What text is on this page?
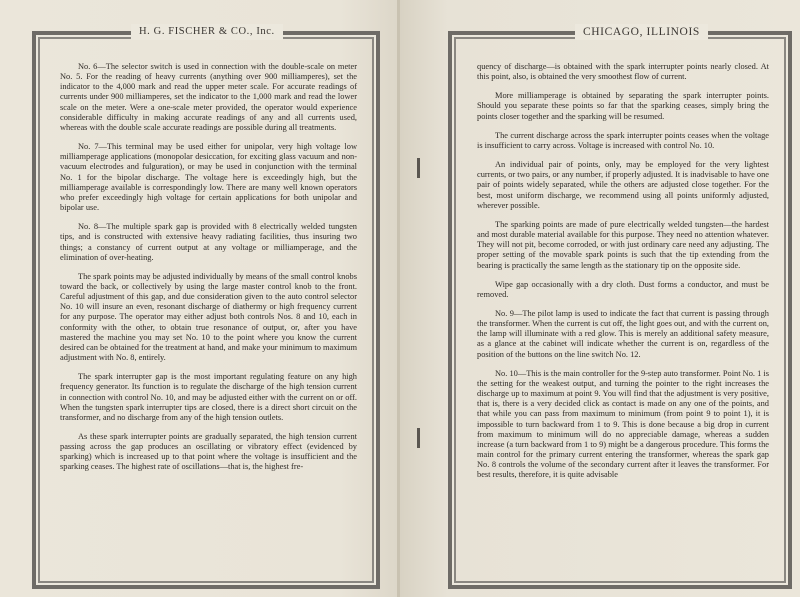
H. G. FISCHER & CO., Inc.

No. 6—The selector switch is used in connection with the double-scale on meter No. 5. For the reading of heavy currents (anything over 900 milliamperes), set the indicator to the 4,000 mark and read the upper meter scale. For accurate readings of currents under 900 milliamperes, set the indicator to the 1,000 mark and read the lower scale on the meter. Were a one-scale meter provided, the operator would experience considerable difficulty in making accurate readings of any and all currents used, whereas with the double scale accurate readings are possible during all treatments.

No. 7—This terminal may be used either for unipolar, very high voltage low milliamperage applications (monopolar desiccation, for exciting glass vacuum and non-vacuum electrodes and fulguration), or may be used in conjunction with the terminal No. 1 for the bipolar discharge. The voltage here is exceedingly high, but the milliamperage available is correspondingly low. There are many well known operators who prefer exceedingly high voltage for certain applications for both unipolar and bipolar use.

No. 8—The multiple spark gap is provided with 8 electrically welded tungsten tips, and is constructed with extensive heavy radiating facilities, thus insuring two things; a constancy of current output at any voltage or milliamperage, and the elimination of over-heating.

The spark points may be adjusted individually by means of the small control knobs toward the back, or collectively by using the large master control knob to the front. Careful adjustment of this gap, and due consideration given to the auto control selector No. 10 will insure an even, resonant discharge of diathermy or high frequency current for any purpose. The operator may either adjust both controls Nos. 8 and 10, each in conformity with the other, to obtain true resonance of output, or, after you have mastered the machine you may set No. 10 to the point where you know the current desired can be obtained for the treatment at hand, and make your minimum to maximum adjustment with No. 8, entirely.

The spark interrupter gap is the most important regulating feature on any high frequency generator. Its function is to regulate the discharge of the high tension current in connection with control No. 10, and may be adjusted either with the current on or off. When the tungsten spark interrupter tips are closed, there is a direct short circuit on the transformer, and no discharge from any of the high tension outlets.

As these spark interrupter points are gradually separated, the high tension current passing across the gap produces an oscillating or vibratory effect (evidenced by sparking) which is increased up to that point where the voltage is insufficient and the sparking ceases. The highest rate of oscillations—that is, the highest fre-

CHICAGO, ILLINOIS

quency of discharge—is obtained with the spark interrupter points nearly closed. At this point, also, is obtained the very smoothest flow of current.

More milliamperage is obtained by separating the spark interrupter points. Should you separate these points so far that the sparking ceases, simply bring the points closer together and the sparking will be resumed.

The current discharge across the spark interrupter points ceases when the voltage is insufficient to carry across. Voltage is increased with control No. 10.

An individual pair of points, only, may be employed for the very lightest currents, or two pairs, or any number, if properly adjusted. It is inadvisable to have one pair of points widely separated, while the others are adjusted close together. For the best, most uniform discharge, we recommend using all points uniformly adjusted, wherever possible.

The sparking points are made of pure electrically welded tungsten—the hardest and most durable material available for this purpose. They need no attention whatever. They will not pit, become corroded, or with just ordinary care need any adjusting. The proper setting of the movable spark points is such that the tip extending from the bearing is practically the same length as the stationary tip on the opposite side.

Wipe gap occasionally with a dry cloth. Dust forms a conductor, and must be removed.

No. 9—The pilot lamp is used to indicate the fact that current is passing through the transformer. When the current is cut off, the light goes out, and with the current on, the lamp will illuminate with a red glow. This is merely an additional safety measure, as a glance at the cabinet will indicate whether the current is on, regardless of the position of the buttons on the line switch No. 12.

No. 10—This is the main controller for the 9-step auto transformer. Point No. 1 is the setting for the weakest output, and turning the pointer to the right increases the discharge up to maximum at point 9. You will find that the adjustment is very positive, that is, there is a very decided click as contact is made on any one of the points, and that while you can pass from maximum to minimum (from point 9 to point 1), it is impossible to turn backward from 1 to 9. This is done because a big drop in current from maximum to minimum will do no appreciable damage, whereas a sudden increase (a turn backward from 1 to 9) might be a dangerous procedure. This forms the main control for the primary current entering the transformer, whereas the spark gap No. 8 controls the volume of the secondary current after it leaves the transformer. For best results, therefore, it is quite advisable
